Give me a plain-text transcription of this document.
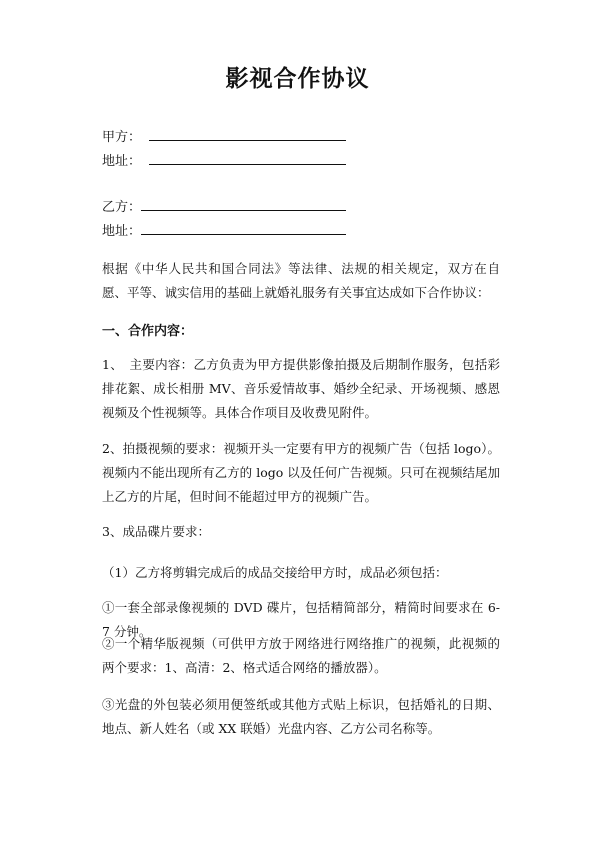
影视合作协议
甲方：
地址：
乙方：
地址：
根据《中华人民共和国合同法》等法律、法规的相关规定，双方在自愿、平等、诚实信用的基础上就婚礼服务有关事宜达成如下合作协议：
一、合作内容：
1、　主要内容：乙方负责为甲方提供影像拍摄及后期制作服务，包括彩排花絮、成长相册 MV、音乐爱情故事、婚纱全纪录、开场视频、感恩视频及个性视频等。具体合作项目及收费见附件。
2、拍摄视频的要求：视频开头一定要有甲方的视频广告（包括 logo）。视频内不能出现所有乙方的 logo 以及任何广告视频。只可在视频结尾加上乙方的片尾，但时间不能超过甲方的视频广告。
3、成品碟片要求：
（1）乙方将剪辑完成后的成品交接给甲方时，成品必须包括：
①一套全部录像视频的 DVD 碟片，包括精简部分，精简时间要求在 6-7 分钟。
②一个精华版视频（可供甲方放于网络进行网络推广的视频，此视频的两个要求：1、高清：2、格式适合网络的播放器）。
③光盘的外包装必须用便签纸或其他方式贴上标识，包括婚礼的日期、地点、新人姓名（或 XX 联婚）光盘内容、乙方公司名称等。
